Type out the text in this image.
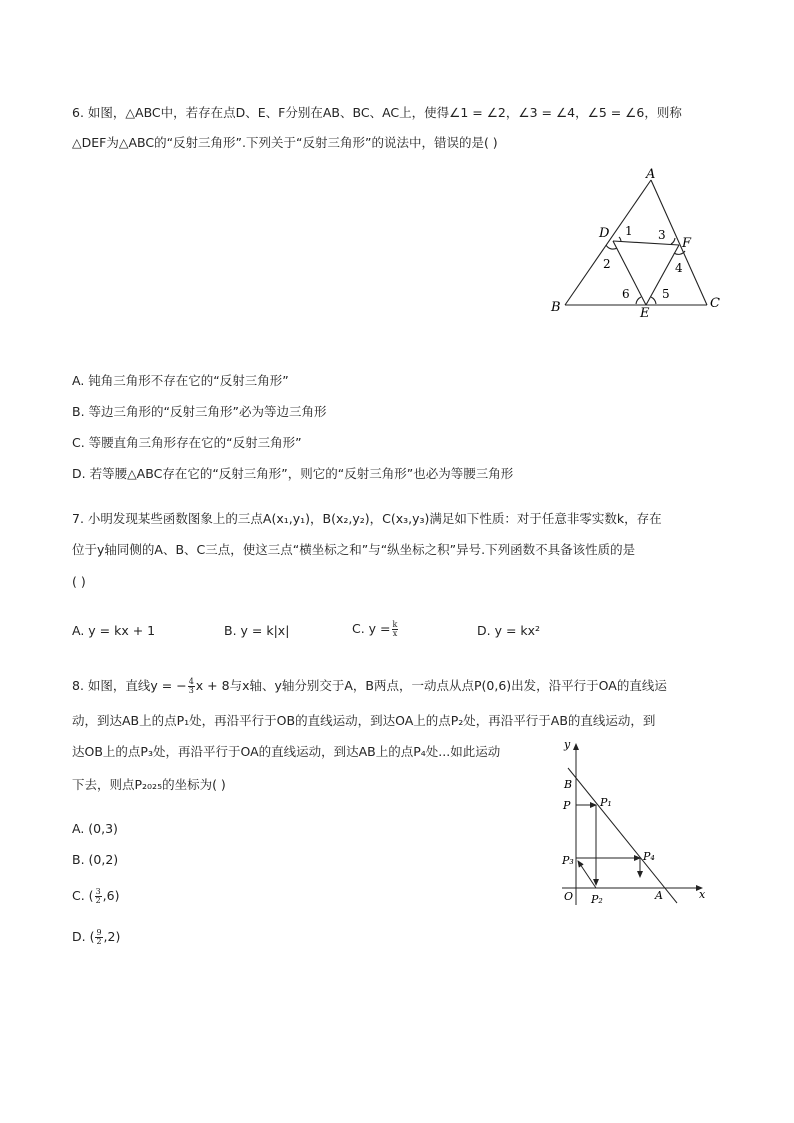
6. 如图，△ABC中，若存在点D、E、F分别在AB、BC、AC上，使得∠1 = ∠2，∠3 = ∠4，∠5 = ∠6，则称
△DEF为△ABC的“反射三角形”.下列关于“反射三角形”的说法中，错误的是( )
A
B	C
D
E
F
1
2
3
4
5
6
A. 钝角三角形不存在它的“反射三角形”
B. 等边三角形的“反射三角形”必为等边三角形
C. 等腰直角三角形存在它的“反射三角形”
D. 若等腰△ABC存在它的“反射三角形”，则它的“反射三角形”也必为等腰三角形
7. 小明发现某些函数图象上的三点A(x₁,y₁)，B(x₂,y₂)，C(x₃,y₃)满足如下性质：对于任意非零实数k，存在
位于y轴同侧的A、B、C三点，使这三点“横坐标之和”与“纵坐标之积”异号.下列函数不具备该性质的是
( )
A. y = kx + 1	B. y = k|x|	C. $y = \frac{k}{x}$	D. y = kx²
8. 如图，直线y = − $\frac{4}{3}$ x + 8与x轴、y轴分别交于A，B两点，一动点从点P(0,6)出发，沿平行于OA的直线运
动，到达AB上的点P₁处，再沿平行于OB的直线运动，到达OA上的点P₂处，再沿平行于AB的直线运动，到
达OB上的点P₃处，再沿平行于OA的直线运动，到达AB上的点P₄处...如此运动
下去，则点P₂₀₂₅的坐标为( )
y
x
O	A
B
P	P₁
P₂
P₃	P₄
A. (0,3)
B. (0,2)
C. ( $\frac{3}{2} ,6$)
D. ( $\frac{9}{2} ,2$)
